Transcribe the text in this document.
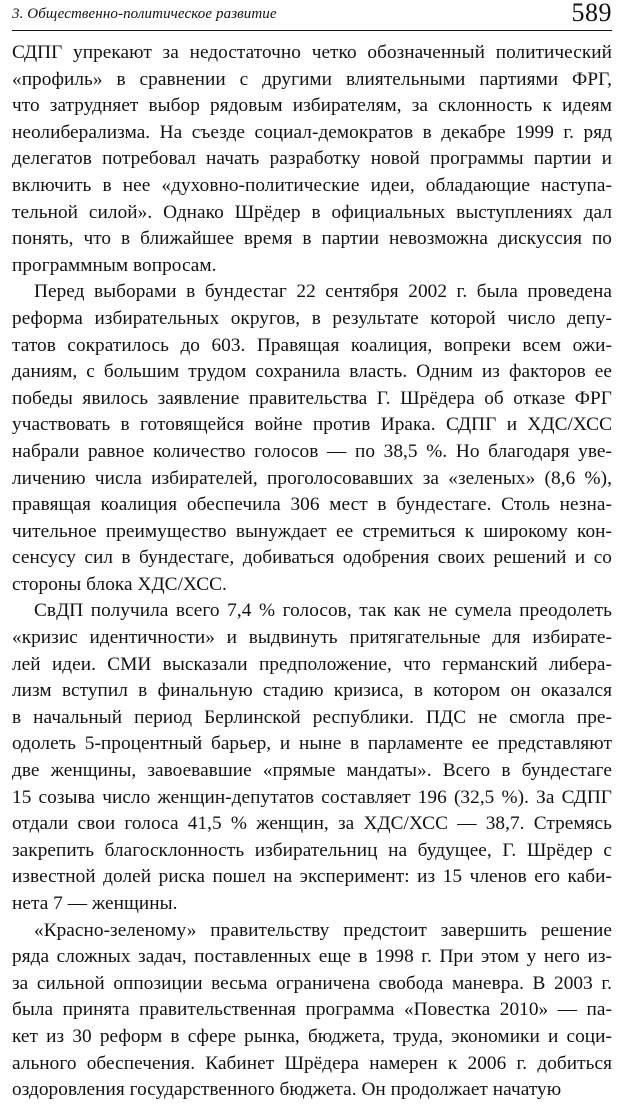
3. Общественно-политическое развитие	589
СДПГ упрекают за недостаточно четко обозначенный политический
«профиль» в сравнении с другими влиятельными партиями ФРГ,
что затрудняет выбор рядовым избирателям, за склонность к идеям
неолиберализма. На съезде социал-демократов в декабре 1999 г. ряд
делегатов потребовал начать разработку новой программы партии и
включить в нее «духовно-политические идеи, обладающие наступа-
тельной силой». Однако Шрёдер в официальных выступлениях дал
понять, что в ближайшее время в партии невозможна дискуссия по
программным вопросам.
Перед выборами в бундестаг 22 сентября 2002 г. была проведена
реформа избирательных округов, в результате которой число депу-
татов сократилось до 603. Правящая коалиция, вопреки всем ожи-
даниям, с большим трудом сохранила власть. Одним из факторов ее
победы явилось заявление правительства Г. Шрёдера об отказе ФРГ
участвовать в готовящейся войне против Ирака. СДПГ и ХДС/ХСС
набрали равное количество голосов — по 38,5 %. Но благодаря уве-
личению числа избирателей, проголосовавших за «зеленых» (8,6 %),
правящая коалиция обеспечила 306 мест в бундестаге. Столь незна-
чительное преимущество вынуждает ее стремиться к широкому кон-
сенсусу сил в бундестаге, добиваться одобрения своих решений и со
стороны блока ХДС/ХСС.
СвДП получила всего 7,4 % голосов, так как не сумела преодолеть
«кризис идентичности» и выдвинуть притягательные для избирате-
лей идеи. СМИ высказали предположение, что германский либера-
лизм вступил в финальную стадию кризиса, в котором он оказался
в начальный период Берлинской республики. ПДС не смогла пре-
одолеть 5-процентный барьер, и ныне в парламенте ее представляют
две женщины, завоевавшие «прямые мандаты». Всего в бундестаге
15 созыва число женщин-депутатов составляет 196 (32,5 %). За СДПГ
отдали свои голоса 41,5 % женщин, за ХДС/ХСС — 38,7. Стремясь
закрепить благосклонность избирательниц на будущее, Г. Шрёдер с
известной долей риска пошел на эксперимент: из 15 членов его каби-
нета 7 — женщины.
«Красно-зеленому» правительству предстоит завершить решение
ряда сложных задач, поставленных еще в 1998 г. При этом у него из-
за сильной оппозиции весьма ограничена свобода маневра. В 2003 г.
была принята правительственная программа «Повестка 2010» — па-
кет из 30 реформ в сфере рынка, бюджета, труда, экономики и соци-
ального обеспечения. Кабинет Шрёдера намерен к 2006 г. добиться
оздоровления государственного бюджета. Он продолжает начатую
